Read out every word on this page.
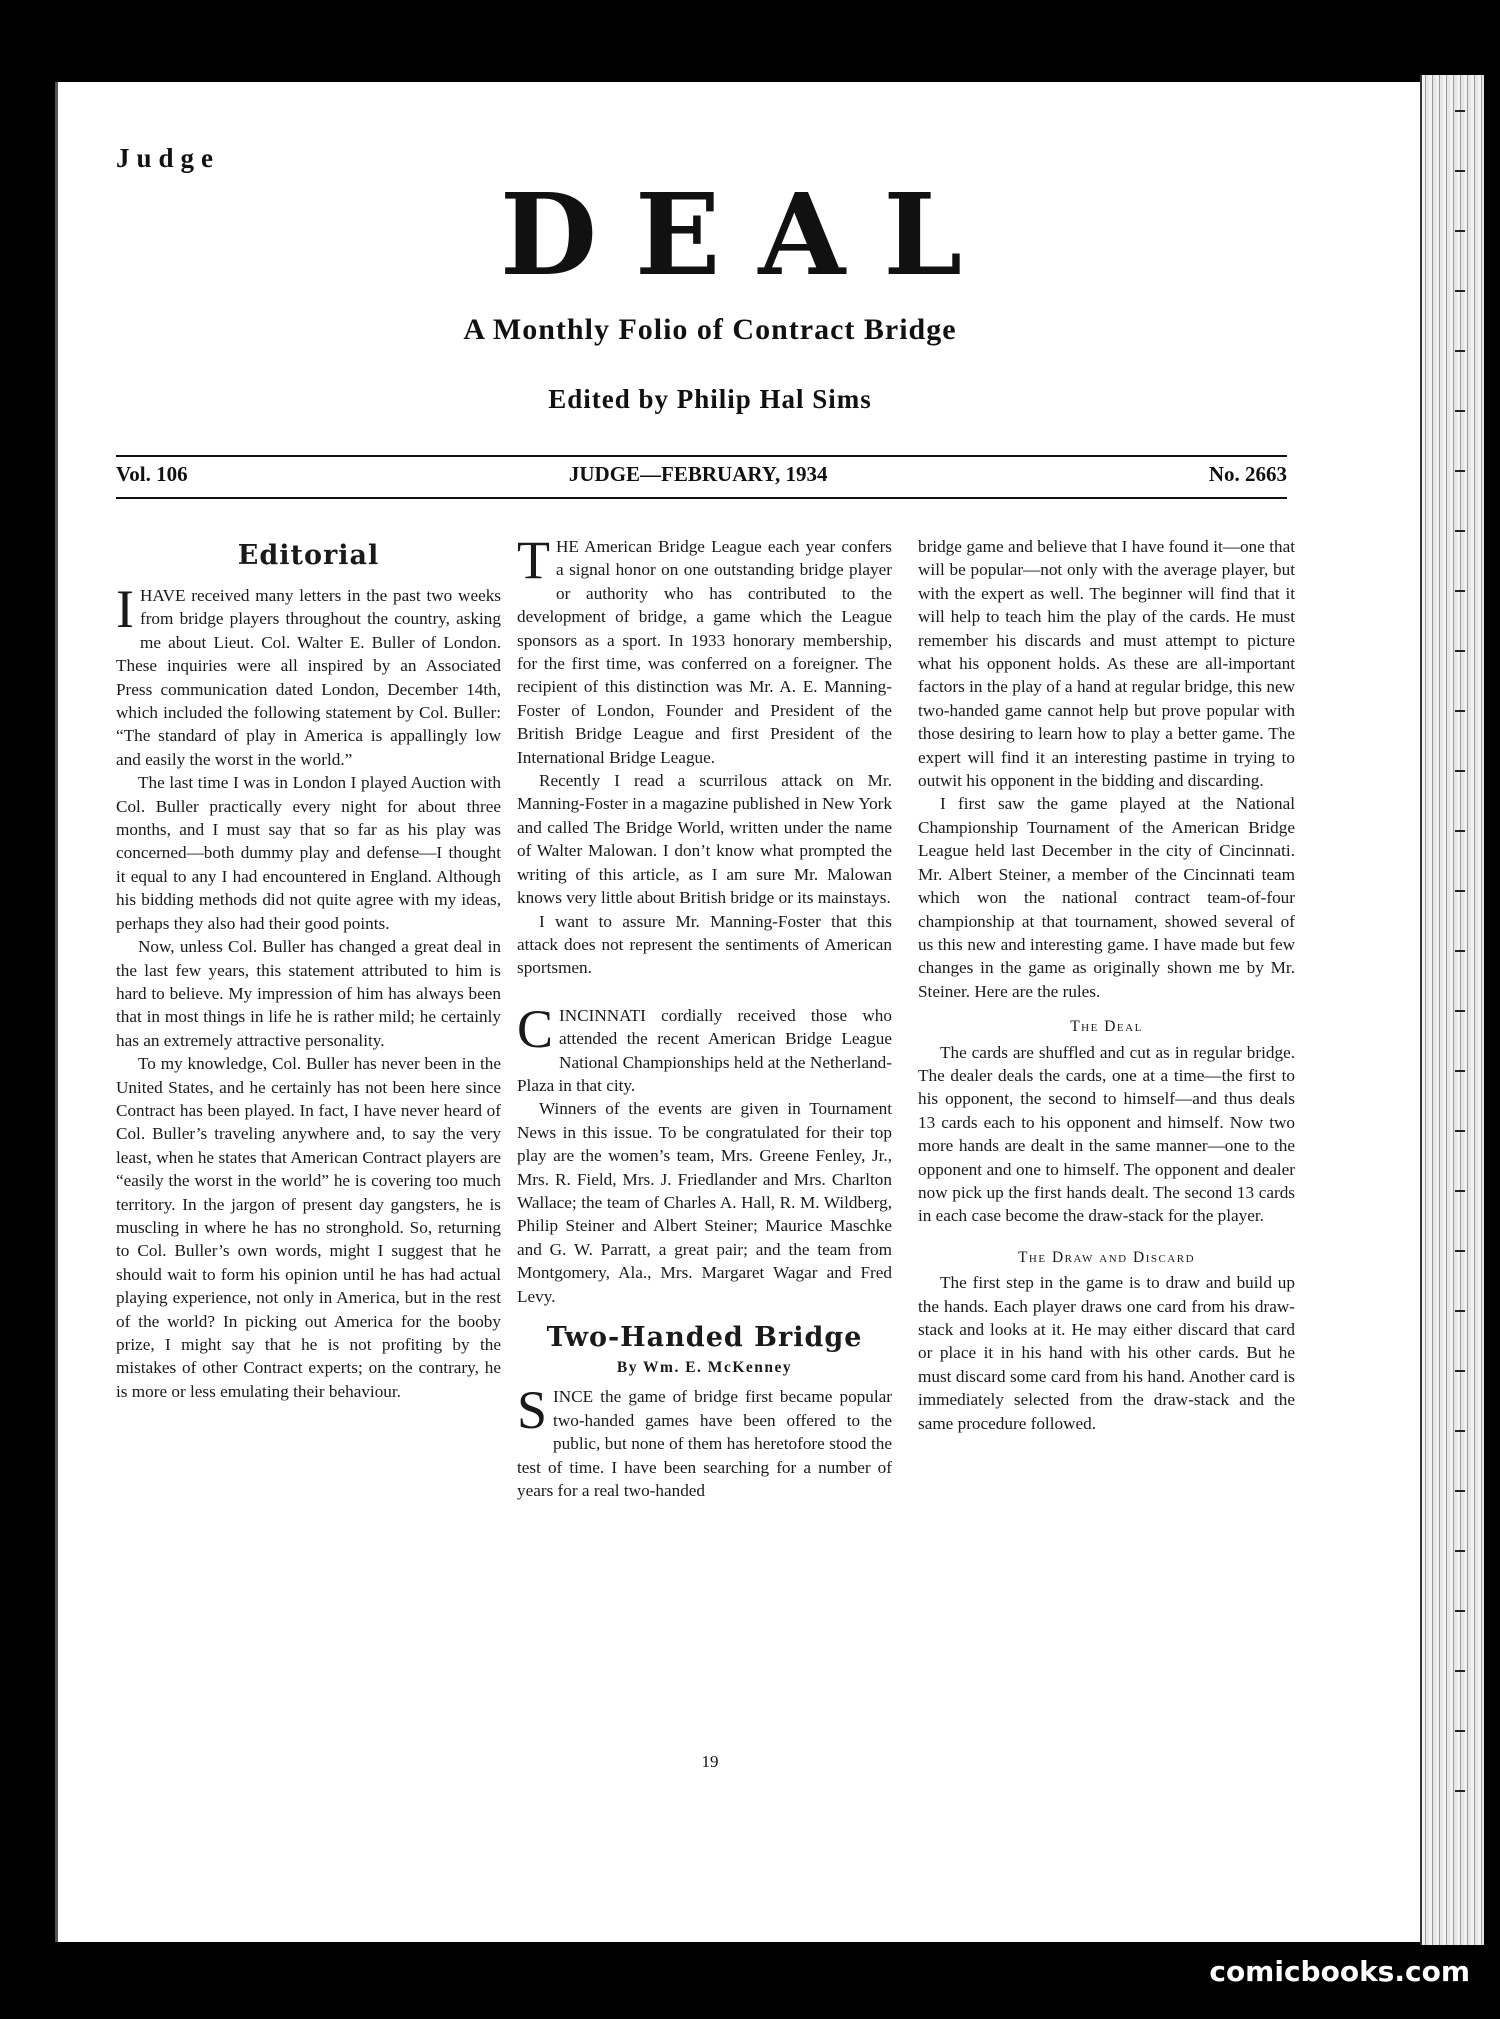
Judge
DEAL
A Monthly Folio of Contract Bridge
Edited by Philip Hal Sims
Vol. 106	JUDGE—FEBRUARY, 1934	No. 2663
Editorial

IHAVE received many letters in the past two weeks from bridge players throughout the country, asking me about Lieut. Col. Walter E. Buller of London. These inquiries were all inspired by an Associated Press communication dated London, December 14th, which included the following statement by Col. Buller: “The standard of play in America is appallingly low and easily the worst in the world.”

The last time I was in London I played Auction with Col. Buller practically every night for about three months, and I must say that so far as his play was concerned—both dummy play and defense—I thought it equal to any I had encountered in England. Although his bidding methods did not quite agree with my ideas, perhaps they also had their good points.

Now, unless Col. Buller has changed a great deal in the last few years, this statement attributed to him is hard to believe. My impression of him has always been that in most things in life he is rather mild; he certainly has an extremely attractive personality.

To my knowledge, Col. Buller has never been in the United States, and he certainly has not been here since Contract has been played. In fact, I have never heard of Col. Buller’s traveling anywhere and, to say the very least, when he states that American Contract players are “easily the worst in the world” he is covering too much territory. In the jargon of present day gangsters, he is muscling in where he has no stronghold. So, returning to Col. Buller’s own words, might I suggest that he should wait to form his opinion until he has had actual playing experience, not only in America, but in the rest of the world? In picking out America for the booby prize, I might say that he is not profiting by the mistakes of other Contract experts; on the contrary, he is more or less emulating their behaviour.

THE American Bridge League each year confers a signal honor on one outstanding bridge player or authority who has contributed to the development of bridge, a game which the League sponsors as a sport. In 1933 honorary membership, for the first time, was conferred on a foreigner. The recipient of this distinction was Mr. A. E. Manning-Foster of London, Founder and President of the British Bridge League and first President of the International Bridge League.

Recently I read a scurrilous attack on Mr. Manning-Foster in a magazine published in New York and called The Bridge World, written under the name of Walter Malowan. I don’t know what prompted the writing of this article, as I am sure Mr. Malowan knows very little about British bridge or its mainstays.

I want to assure Mr. Manning-Foster that this attack does not represent the sentiments of American sportsmen.

CINCINNATI cordially received those who attended the recent American Bridge League National Championships held at the Netherland-Plaza in that city.

Winners of the events are given in Tournament News in this issue. To be congratulated for their top play are the women’s team, Mrs. Greene Fenley, Jr., Mrs. R. Field, Mrs. J. Friedlander and Mrs. Charlton Wallace; the team of Charles A. Hall, R. M. Wildberg, Philip Steiner and Albert Steiner; Maurice Maschke and G. W. Parratt, a great pair; and the team from Montgomery, Ala., Mrs. Margaret Wagar and Fred Levy.

Two-Handed Bridge
By Wm. E. McKenney

SINCE the game of bridge first became popular two-handed games have been offered to the public, but none of them has heretofore stood the test of time. I have been searching for a number of years for a real two-handed

bridge game and believe that I have found it—one that will be popular—not only with the average player, but with the expert as well. The beginner will find that it will help to teach him the play of the cards. He must remember his discards and must attempt to picture what his opponent holds. As these are all-important factors in the play of a hand at regular bridge, this new two-handed game cannot help but prove popular with those desiring to learn how to play a better game. The expert will find it an interesting pastime in trying to outwit his opponent in the bidding and discarding.

I first saw the game played at the National Championship Tournament of the American Bridge League held last December in the city of Cincinnati. Mr. Albert Steiner, a member of the Cincinnati team which won the national contract team-of-four championship at that tournament, showed several of us this new and interesting game. I have made but few changes in the game as originally shown me by Mr. Steiner. Here are the rules.

The Deal

The cards are shuffled and cut as in regular bridge. The dealer deals the cards, one at a time—the first to his opponent, the second to himself—and thus deals 13 cards each to his opponent and himself. Now two more hands are dealt in the same manner—one to the opponent and one to himself. The opponent and dealer now pick up the first hands dealt. The second 13 cards in each case become the draw-stack for the player.

The Draw and Discard

The first step in the game is to draw and build up the hands. Each player draws one card from his draw-stack and looks at it. He may either discard that card or place it in his hand with his other cards. But he must discard some card from his hand. Another card is immediately selected from the draw-stack and the same procedure followed.

19
comicbooks.com
